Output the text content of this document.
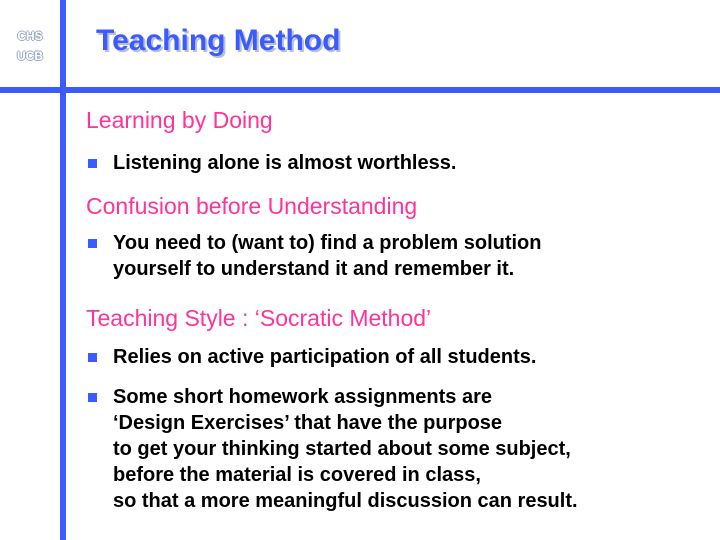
CHS
UCB Teaching Method
Learning by Doing
Listening alone is almost worthless.
Confusion before Understanding
You need to (want to) find a problem solution
yourself to understand it and remember it.
Teaching Style : ‘Socratic Method’
Relies on active participation of all students.
Some short homework assignments are
‘Design Exercises’ that have the purpose
to get your thinking started about some subject,
before the material is covered in class,
so that a more meaningful discussion can result.
